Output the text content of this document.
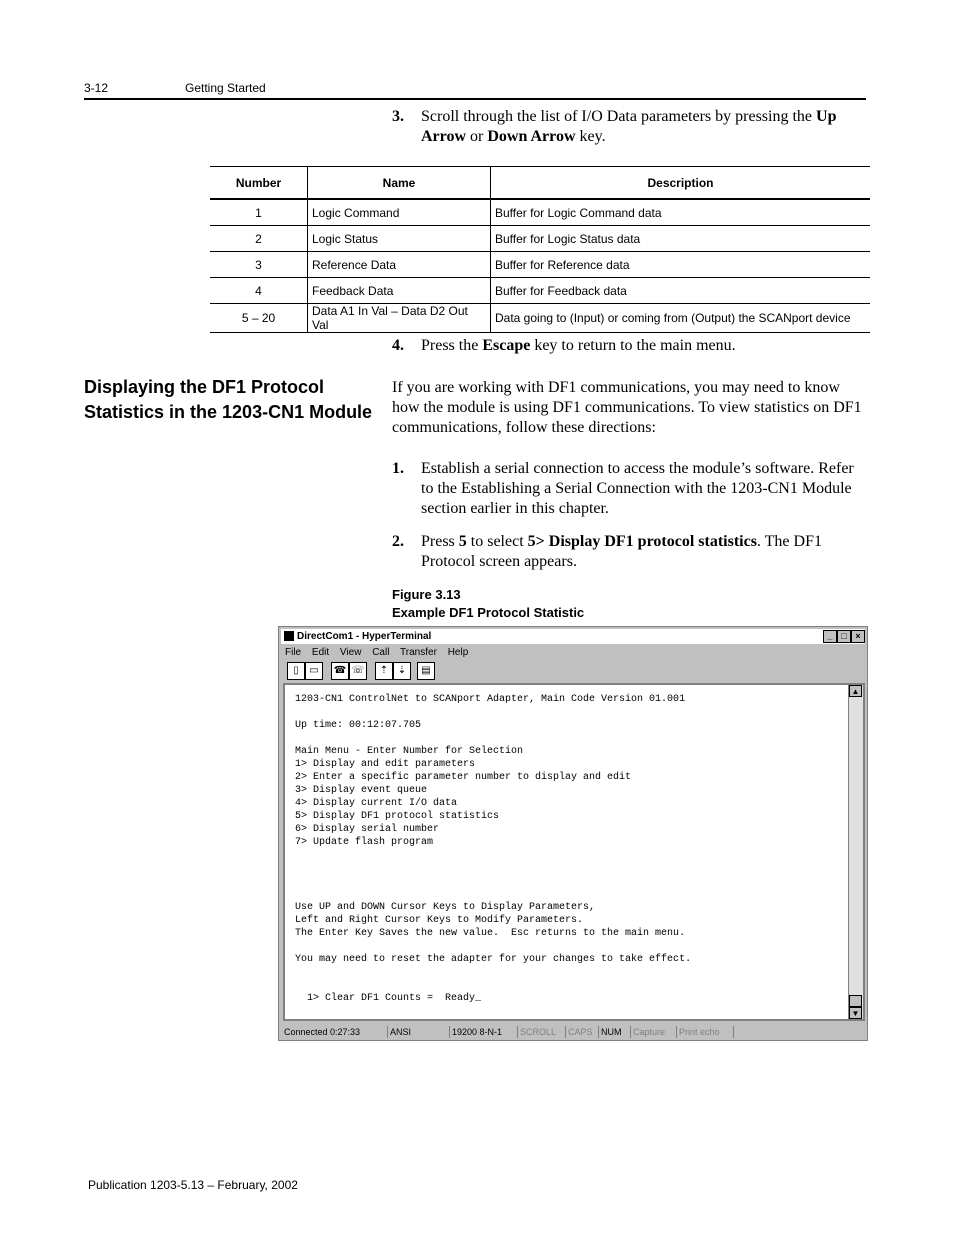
3-12	Getting Started
3. Scroll through the list of I/O Data parameters by pressing the Up Arrow or Down Arrow key.
Number	Name	Description
1	Logic Command	Buffer for Logic Command data
2	Logic Status	Buffer for Logic Status data
3	Reference Data	Buffer for Reference data
4	Feedback Data	Buffer for Feedback data
5 – 20	Data A1 In Val – Data D2 Out Val	Data going to (Input) or coming from (Output) the SCANport device
4. Press the Escape key to return to the main menu.
Displaying the DF1 Protocol Statistics in the 1203-CN1 Module
If you are working with DF1 communications, you may need to know how the module is using DF1 communications. To view statistics on DF1 communications, follow these directions:
1. Establish a serial connection to access the module’s software. Refer to the Establishing a Serial Connection with the 1203-CN1 Module section earlier in this chapter.
2. Press 5 to select 5> Display DF1 protocol statistics. The DF1 Protocol screen appears.
Figure 3.13
Example DF1 Protocol Statistic
DirectCom1 - HyperTerminal	_ □ ×
File Edit View Call Transfer Help
▯	▭	☎ ☏	⇡ ⇣	▤
1203-CN1 ControlNet to SCANport Adapter, Main Code Version 01.001

Up time: 00:12:07.705

Main Menu - Enter Number for Selection
1> Display and edit parameters
2> Enter a specific parameter number to display and edit
3> Display event queue
4> Display current I/O data
5> Display DF1 protocol statistics
6> Display serial number
7> Update flash program

Use UP and DOWN Cursor Keys to Display Parameters,
Left and Right Cursor Keys to Modify Parameters.
The Enter Key Saves the new value.  Esc returns to the main menu.

You may need to reset the adapter for your changes to take effect.

1> Clear DF1 Counts =  Ready_
▲
▼
Connected 0:27:33	ANSI	19200 8-N-1	SCROLL	CAPS NUM	Capture	Print echo
Publication 1203-5.13 – February, 2002
